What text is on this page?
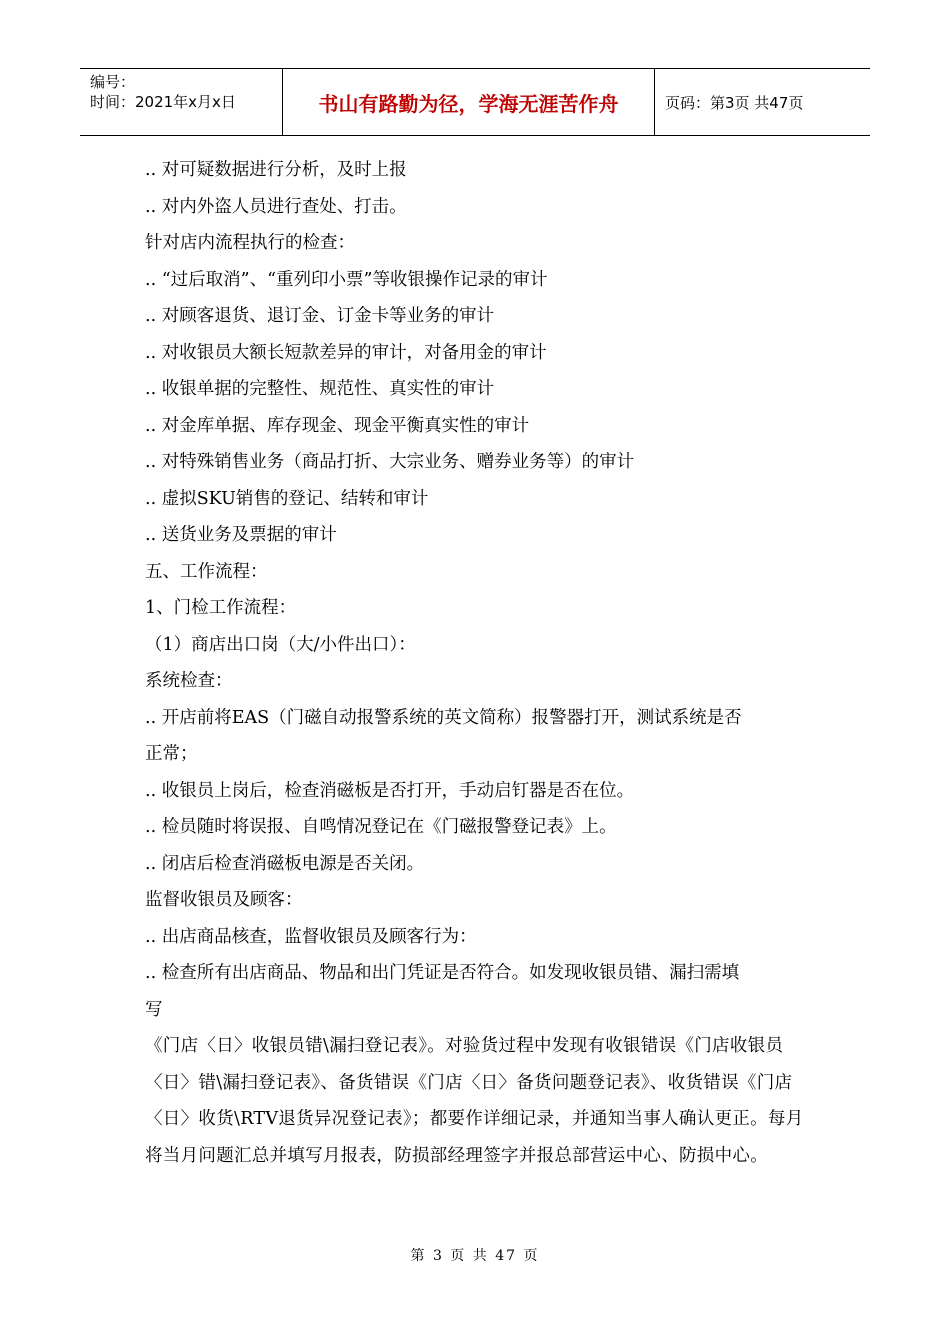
编号：
时间：2021年x月x日	书山有路勤为径，学海无涯苦作舟	页码：第3页 共47页

.. 对可疑数据进行分析，及时上报

.. 对内外盗人员进行查处、打击。

针对店内流程执行的检查：

.. “过后取消”、“重列印小票”等收银操作记录的审计

.. 对顾客退货、退订金、订金卡等业务的审计

.. 对收银员大额长短款差异的审计，对备用金的审计

.. 收银单据的完整性、规范性、真实性的审计

.. 对金库单据、库存现金、现金平衡真实性的审计

.. 对特殊销售业务（商品打折、大宗业务、赠券业务等）的审计

.. 虚拟SKU销售的登记、结转和审计

.. 送货业务及票据的审计

五、工作流程：

1、门检工作流程：

（1）商店出口岗（大/小件出口）：

系统检查：

.. 开店前将EAS（门磁自动报警系统的英文简称）报警器打开，测试系统是否

正常；

.. 收银员上岗后，检查消磁板是否打开，手动启钉器是否在位。

.. 检员随时将误报、自鸣情况登记在《门磁报警登记表》上。

.. 闭店后检查消磁板电源是否关闭。

监督收银员及顾客：

.. 出店商品核查，监督收银员及顾客行为：

.. 检查所有出店商品、物品和出门凭证是否符合。如发现收银员错、漏扫需填

写

《门店〈日〉收银员错\漏扫登记表》。对验货过程中发现有收银错误《门店收银员〈日〉错\漏扫登记表》、备货错误《门店〈日〉备货问题登记表》、收货错误《门店〈日〉收货\RTV退货异况登记表》；都要作详细记录，并通知当事人确认更正。每月将当月问题汇总并填写月报表，防损部经理签字并报总部营运中心、防损中心。

第 3 页 共 47 页
